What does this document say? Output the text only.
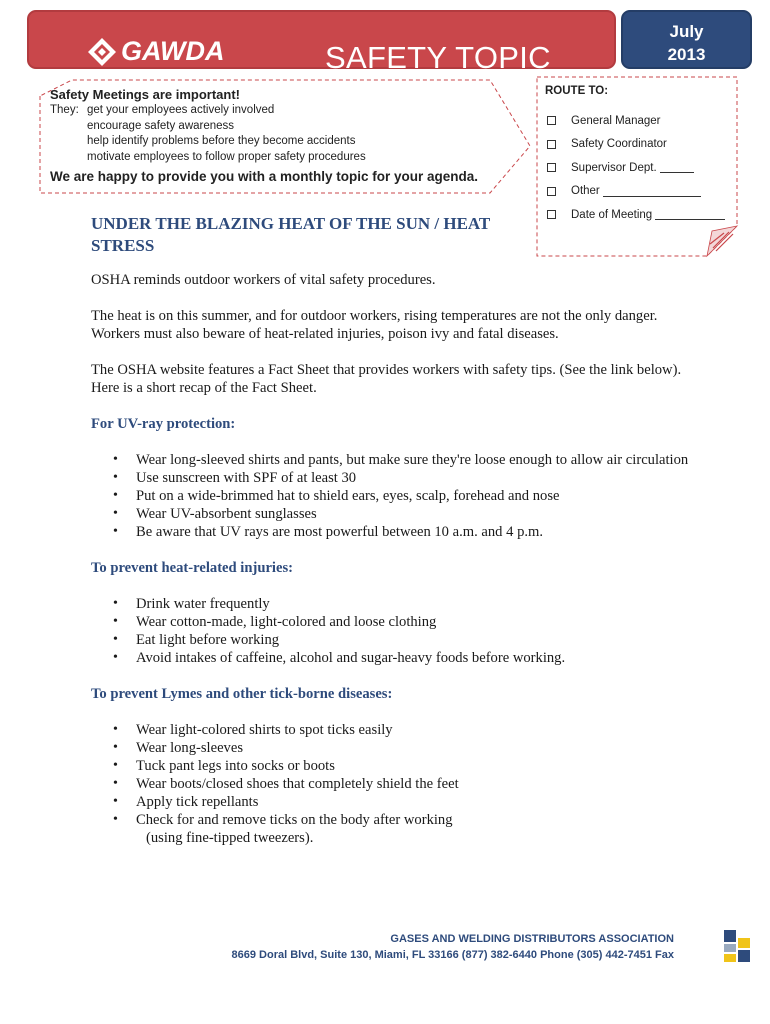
GAWDA	SAFETY TOPIC
July
2013
Safety Meetings are important!
They: get your employees actively involved
encourage safety awareness
help identify problems before they become accidents
motivate employees to follow proper safety procedures
We are happy to provide you with a monthly topic for your agenda.
ROUTE TO:
General Manager
Safety Coordinator
Supervisor Dept.
Other
Date of Meeting
UNDER THE BLAZING HEAT OF THE SUN / HEAT STRESS

OSHA reminds outdoor workers of vital safety procedures.

The heat is on this summer, and for outdoor workers, rising temperatures are not the only danger. Workers must also beware of heat-related injuries, poison ivy and fatal diseases.

The OSHA website features a Fact Sheet that provides workers with safety tips. (See the link below). Here is a short recap of the Fact Sheet.

For UV-ray protection:
• Wear long-sleeved shirts and pants, but make sure they're loose enough to allow air circulation
• Use sunscreen with SPF of at least 30
• Put on a wide-brimmed hat to shield ears, eyes, scalp, forehead and nose
• Wear UV-absorbent sunglasses
• Be aware that UV rays are most powerful between 10 a.m. and 4 p.m.
To prevent heat-related injuries:
• Drink water frequently
• Wear cotton-made, light-colored and loose clothing
• Eat light before working
• Avoid intakes of caffeine, alcohol and sugar-heavy foods before working.
To prevent Lymes and other tick-borne diseases:
• Wear light-colored shirts to spot ticks easily
• Wear long-sleeves
• Tuck pant legs into socks or boots
• Wear boots/closed shoes that completely shield the feet
• Apply tick repellants
• Check for and remove ticks on the body after working
(using fine-tipped tweezers).
GASES AND WELDING DISTRIBUTORS ASSOCIATION
8669 Doral Blvd, Suite 130, Miami, FL 33166 (877) 382-6440 Phone (305) 442-7451 Fax
